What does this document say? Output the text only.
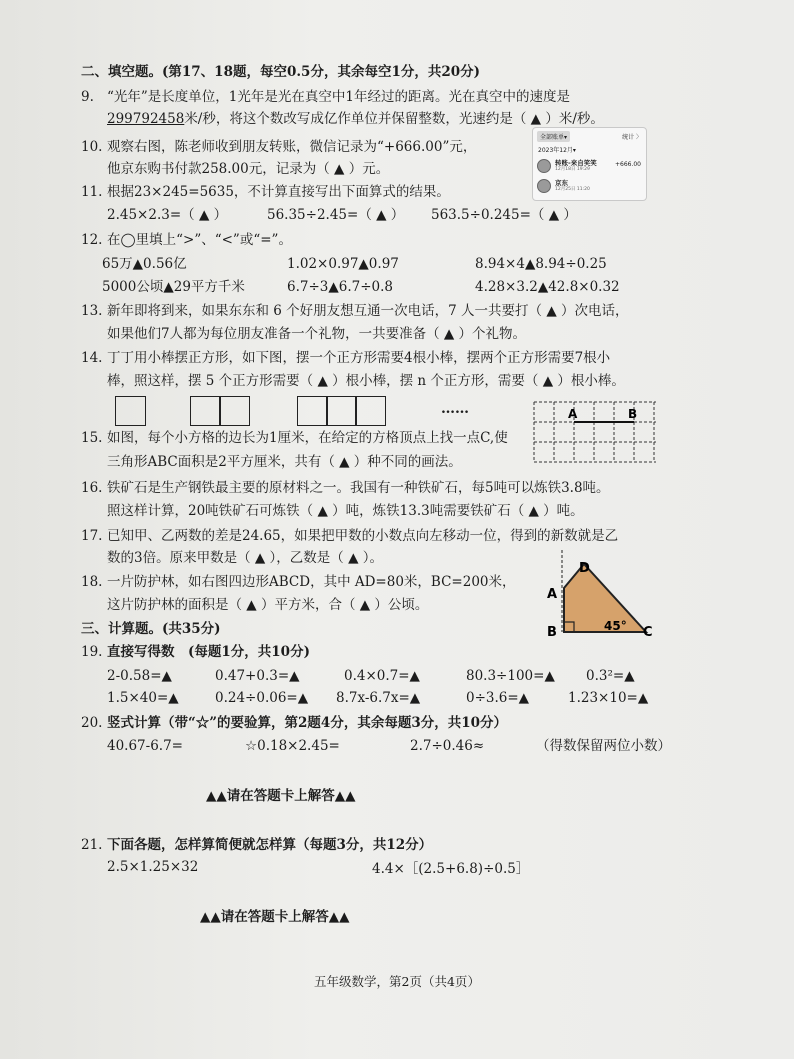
二、填空题。(第17、18题，每空0.5分，其余每空1分，共20分)
9. “光年”是长度单位，1光年是光在真空中1年经过的距离。光在真空中的速度是
299792458米/秒，将这个数改写成亿作单位并保留整数，光速约是（ ▲ ）米/秒。
10. 观察右图，陈老师收到朋友转账，微信记录为“+666.00”元，
他京东购书付款258.00元，记录为（ ▲ ）元。
全部账单▾	统计 〉
2023年12月▾
转账-来自笑笑
12月18日 19:29
+666.00
京东
12月25日 11:20
11. 根据23×245=5635，不计算直接写出下面算式的结果。
2.45×2.3=（ ▲ ）	56.35÷2.45=（ ▲ ） 563.5÷0.245=（ ▲ ）
12. 在◯里填上“>”、“<”或“=”。
65万▲0.56亿	1.02×0.97▲0.97	8.94×4▲8.94÷0.25
5000公顷▲29平方千米	6.7÷3▲6.7÷0.8	4.28×3.2▲42.8×0.32
13. 新年即将到来，如果东东和 6 个好朋友想互通一次电话，7 人一共要打（ ▲ ）次电话，
如果他们7人都为每位朋友准备一个礼物，一共要准备（ ▲ ）个礼物。
14. 丁丁用小棒摆正方形，如下图，摆一个正方形需要4根小棒，摆两个正方形需要7根小
棒，照这样，摆 5 个正方形需要（ ▲ ）根小棒，摆 n 个正方形，需要（ ▲ ）根小棒。
……	A	B
15. 如图，每个小方格的边长为1厘米，在给定的方格顶点上找一点C,使
三角形ABC面积是2平方厘米，共有（ ▲ ）种不同的画法。
16. 铁矿石是生产钢铁最主要的原材料之一。我国有一种铁矿石，每5吨可以炼铁3.8吨。
照这样计算，20吨铁矿石可炼铁（ ▲ ）吨，炼铁13.3吨需要铁矿石（ ▲ ）吨。
17. 已知甲、乙两数的差是24.65，如果把甲数的小数点向左移动一位，得到的新数就是乙
数的3倍。原来甲数是（ ▲ ），乙数是（ ▲ ）。
18. 一片防护林，如右图四边形ABCD，其中 AD=80米，BC=200米，
这片防护林的面积是（ ▲ ）平方米，合（ ▲ ）公顷。
A
B	C
D
45°
三、计算题。(共35分)
19. 直接写得数　(每题1分，共10分)
2-0.58=▲	0.47+0.3=▲	0.4×0.7=▲	80.3÷100=▲ 0.3²=▲
1.5×40=▲	0.24÷0.06=▲ 8.7x-6.7x=▲	0÷3.6=▲	1.23×10=▲
20. 竖式计算（带“☆”的要验算，第2题4分，其余每题3分，共10分）
40.67-6.7=	☆0.18×2.45=	2.7÷0.46≈	（得数保留两位小数）
▲▲请在答题卡上解答▲▲
21. 下面各题，怎样算简便就怎样算（每题3分，共12分）
2.5×1.25×32	4.4×［(2.5+6.8)÷0.5］
▲▲请在答题卡上解答▲▲
五年级数学，第2页（共4页）
